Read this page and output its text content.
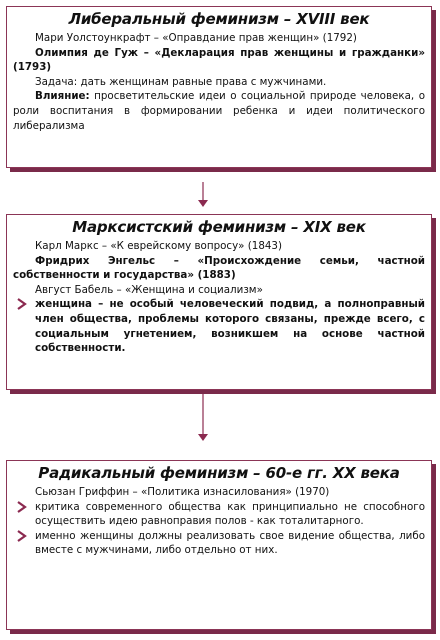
Либеральный феминизм – XVIII век

Мари Уолстоункрафт – «Оправдание прав женщин» (1792)

Олимпия де Гуж – «Декларация прав женщины и гражданки» (1793)

Задача: дать женщинам равные права с мужчинами.

Влияние: просветительские идеи о социальной природе человека, о роли воспитания в формировании ребенка и идеи политического либерализма

Марксистский феминизм – XIX век

Карл Маркс – «К еврейскому вопросу» (1843)

Фридрих Энгельс – «Происхождение семьи, частной собственности и государства» (1883)

Август Бабель – «Женщина и социализм»

женщина – не особый человеческий подвид, а полноправный член общества, проблемы которого связаны, прежде всего, с социальным угнетением, возникшем на основе частной собственности.

Радикальный феминизм – 60-е гг. XX века

Сьюзан Гриффин – «Политика изнасилования» (1970)

критика современного общества как принципиально не способного осуществить идею равноправия полов - как тоталитарного.

именно женщины должны реализовать свое видение общества, либо вместе с мужчинами, либо отдельно от них.
